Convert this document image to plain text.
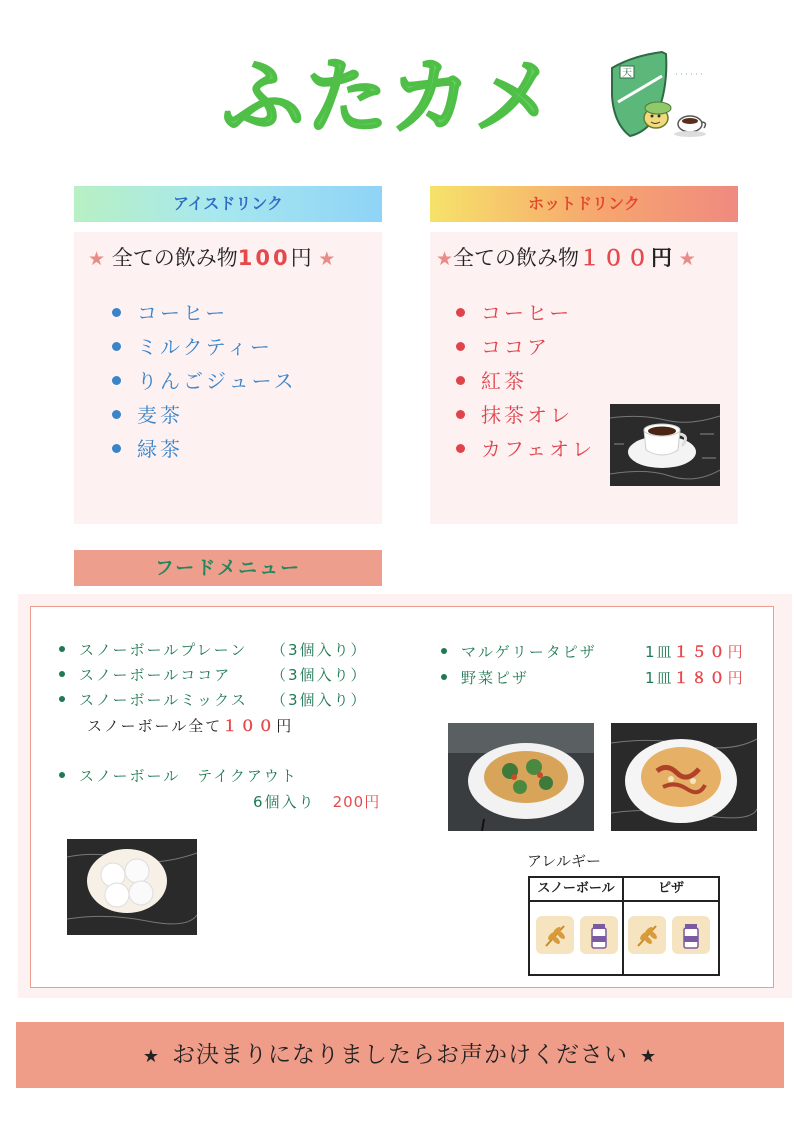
ふたカメ	天	・・・・・・
アイスドリンク
★ 全ての飲み物100円 ★
コーヒー
ミルクティー
りんごジュース
麦茶
緑茶
ホットドリンク
★全ての飲み物１００円 ★
コーヒー
ココア
紅茶
抹茶オレ
カフェオレ
フードメニュー
スノーボールプレーン （3個入り）
スノーボールココア	（3個入り）
スノーボールミックス （3個入り）
スノーボール全て１００円
スノーボール　テイクアウト
6個入り　 200円
マルゲリータピザ	1皿１５０円
野菜ピザ	1皿１８０円
アレルギー
スノーボール	ピザ
★ お決まりになりましたらお声かけください ★
